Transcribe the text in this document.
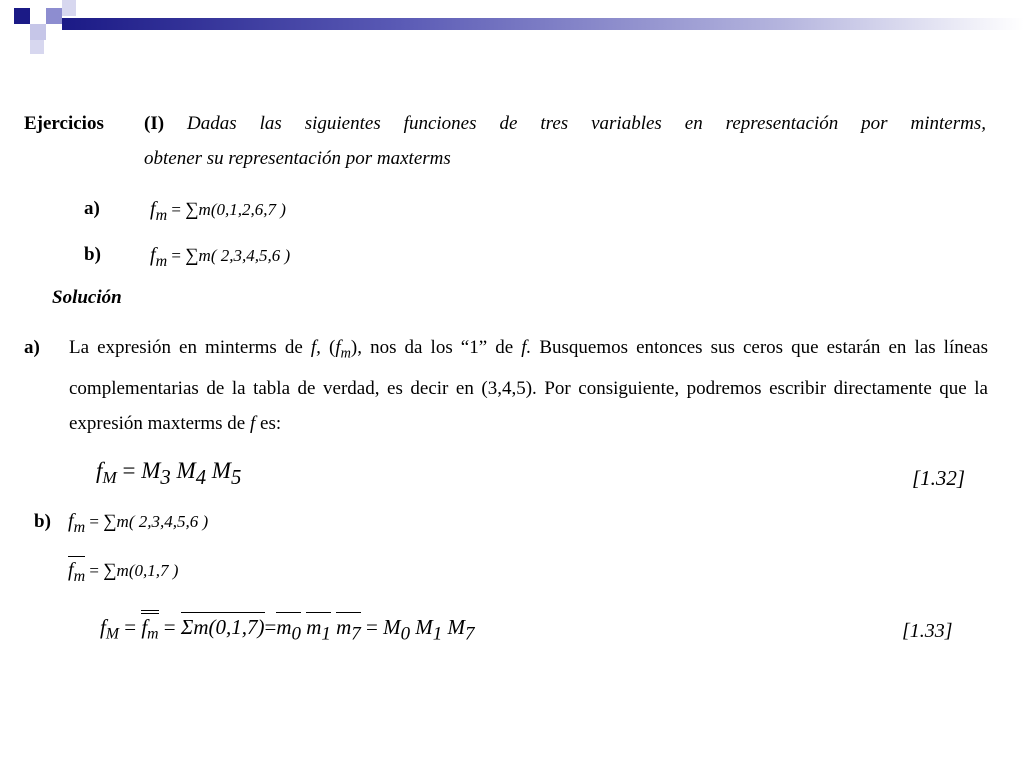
Ejercicios (I) Dadas las siguientes funciones de tres variables en representación por minterms,
obtener su representación por maxterms
a)	fm = ∑m(0,1,2,6,7 )
b) fm = ∑m( 2,3,4,5,6 )
Solución
a) La expresión en minterms de f, $(f_m)$, nos da los “1” de f. Busquemos entonces sus ceros que estarán en las líneas complementarias de la tabla de verdad, es decir en (3,4,5). Por consiguiente, podremos escribir directamente que la expresión maxterms de f es:
$f_M = M3$ M4 M5	[1.32]
b) fm = ∑m( 2,3,4,5,6 )
fm = ∑m(0,1,7 )
$f_M = f_m = \Sigma m(0,1,7)=m0$ m1 m7 = M0 M1 M7	[1.33]
